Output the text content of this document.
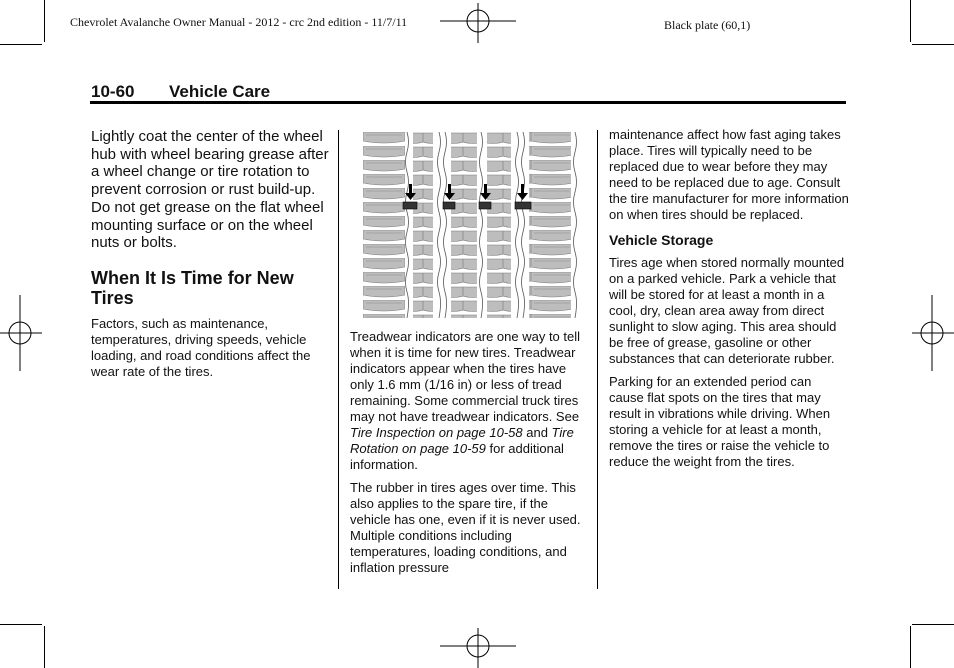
Chevrolet Avalanche Owner Manual - 2012 - crc 2nd edition - 11/7/11	Black plate (60,1)
10-60 Vehicle Care

Lightly coat the center of the wheel hub with wheel bearing grease after a wheel change or tire rotation to prevent corrosion or rust build-up. Do not get grease on the flat wheel mounting surface or on the wheel nuts or bolts.

When It Is Time for New Tires

Factors, such as maintenance, temperatures, driving speeds, vehicle loading, and road conditions affect the wear rate of the tires.

Treadwear indicators are one way to tell when it is time for new tires. Treadwear indicators appear when the tires have only 1.6 mm (1/16 in) or less of tread remaining. Some commercial truck tires may not have treadwear indicators. See Tire Inspection on page 10-58 and Tire Rotation on page 10-59 for additional information.

The rubber in tires ages over time. This also applies to the spare tire, if the vehicle has one, even if it is never used. Multiple conditions including temperatures, loading conditions, and inflation pressure

maintenance affect how fast aging takes place. Tires will typically need to be replaced due to wear before they may need to be replaced due to age. Consult the tire manufacturer for more information on when tires should be replaced.

Vehicle Storage

Tires age when stored normally mounted on a parked vehicle. Park a vehicle that will be stored for at least a month in a cool, dry, clean area away from direct sunlight to slow aging. This area should be free of grease, gasoline or other substances that can deteriorate rubber.

Parking for an extended period can cause flat spots on the tires that may result in vibrations while driving. When storing a vehicle for at least a month, remove the tires or raise the vehicle to reduce the weight from the tires.
